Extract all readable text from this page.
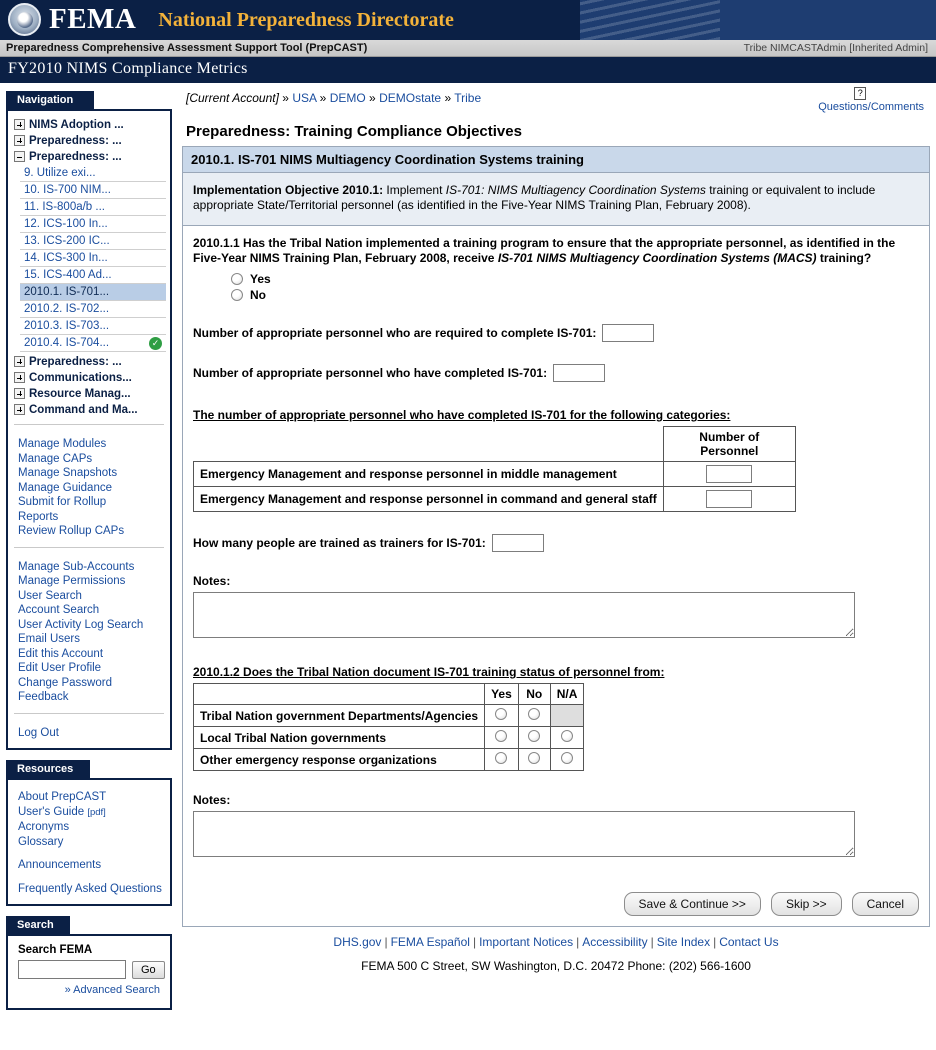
FEMA National Preparedness Directorate
Preparedness Comprehensive Assessment Support Tool (PrepCAST)	Tribe NIMCASTAdmin [Inherited Admin]
FY2010 NIMS Compliance Metrics
Navigation
NIMS Adoption ...
Preparedness: ...
Preparedness: ...
9. Utilize exi...
10. IS-700 NIM...
11. IS-800a/b ...
12. ICS-100 In...
13. ICS-200 IC...
14. ICS-300 In...
15. ICS-400 Ad...
2010.1. IS-701...
2010.2. IS-702...
2010.3. IS-703...
✓
2010.4. IS-704...
Preparedness: ...
Communications...
Resource Manag...
Command and Ma...
Manage Modules
Manage CAPs
Manage Snapshots
Manage Guidance
Submit for Rollup
Reports
Review Rollup CAPs
Manage Sub-Accounts
Manage Permissions
User Search
Account Search
User Activity Log Search
Email Users
Edit this Account
Edit User Profile
Change Password
Feedback
Log Out
Resources
About PrepCAST
User's Guide [pdf]
Acronyms
Glossary
Announcements
Frequently Asked Questions
Search
Search FEMA
Go
» Advanced Search
[Current Account] » USA » DEMO » DEMOstate » Tribe	?
Questions/Comments
Preparedness: Training Compliance Objectives
2010.1. IS-701 NIMS Multiagency Coordination Systems training
Implementation Objective 2010.1: Implement IS-701: NIMS Multiagency Coordination Systems training or equivalent to include appropriate State/Territorial personnel (as identified in the Five-Year NIMS Training Plan, February 2008).
2010.1.1 Has the Tribal Nation implemented a training program to ensure that the appropriate personnel, as identified in the Five-Year NIMS Training Plan, February 2008, receive IS-701 NIMS Multiagency Coordination Systems (MACS) training?
Yes
No
Number of appropriate personnel who are required to complete IS-701:
Number of appropriate personnel who have completed IS-701:
The number of appropriate personnel who have completed IS-701 for the following categories:
	Number of Personnel
Emergency Management and response personnel in middle management	
Emergency Management and response personnel in command and general staff	
How many people are trained as trainers for IS-701:
Notes:
2010.1.2 Does the Tribal Nation document IS-701 training status of personnel from:
	Yes	No	N/A
Tribal Nation government Departments/Agencies			
Local Tribal Nation governments			
Other emergency response organizations			
Notes:
Save & Continue >>	Skip >>	Cancel
DHS.gov | FEMA Español | Important Notices | Accessibility | Site Index | Contact Us
FEMA 500 C Street, SW Washington, D.C. 20472 Phone: (202) 566-1600
